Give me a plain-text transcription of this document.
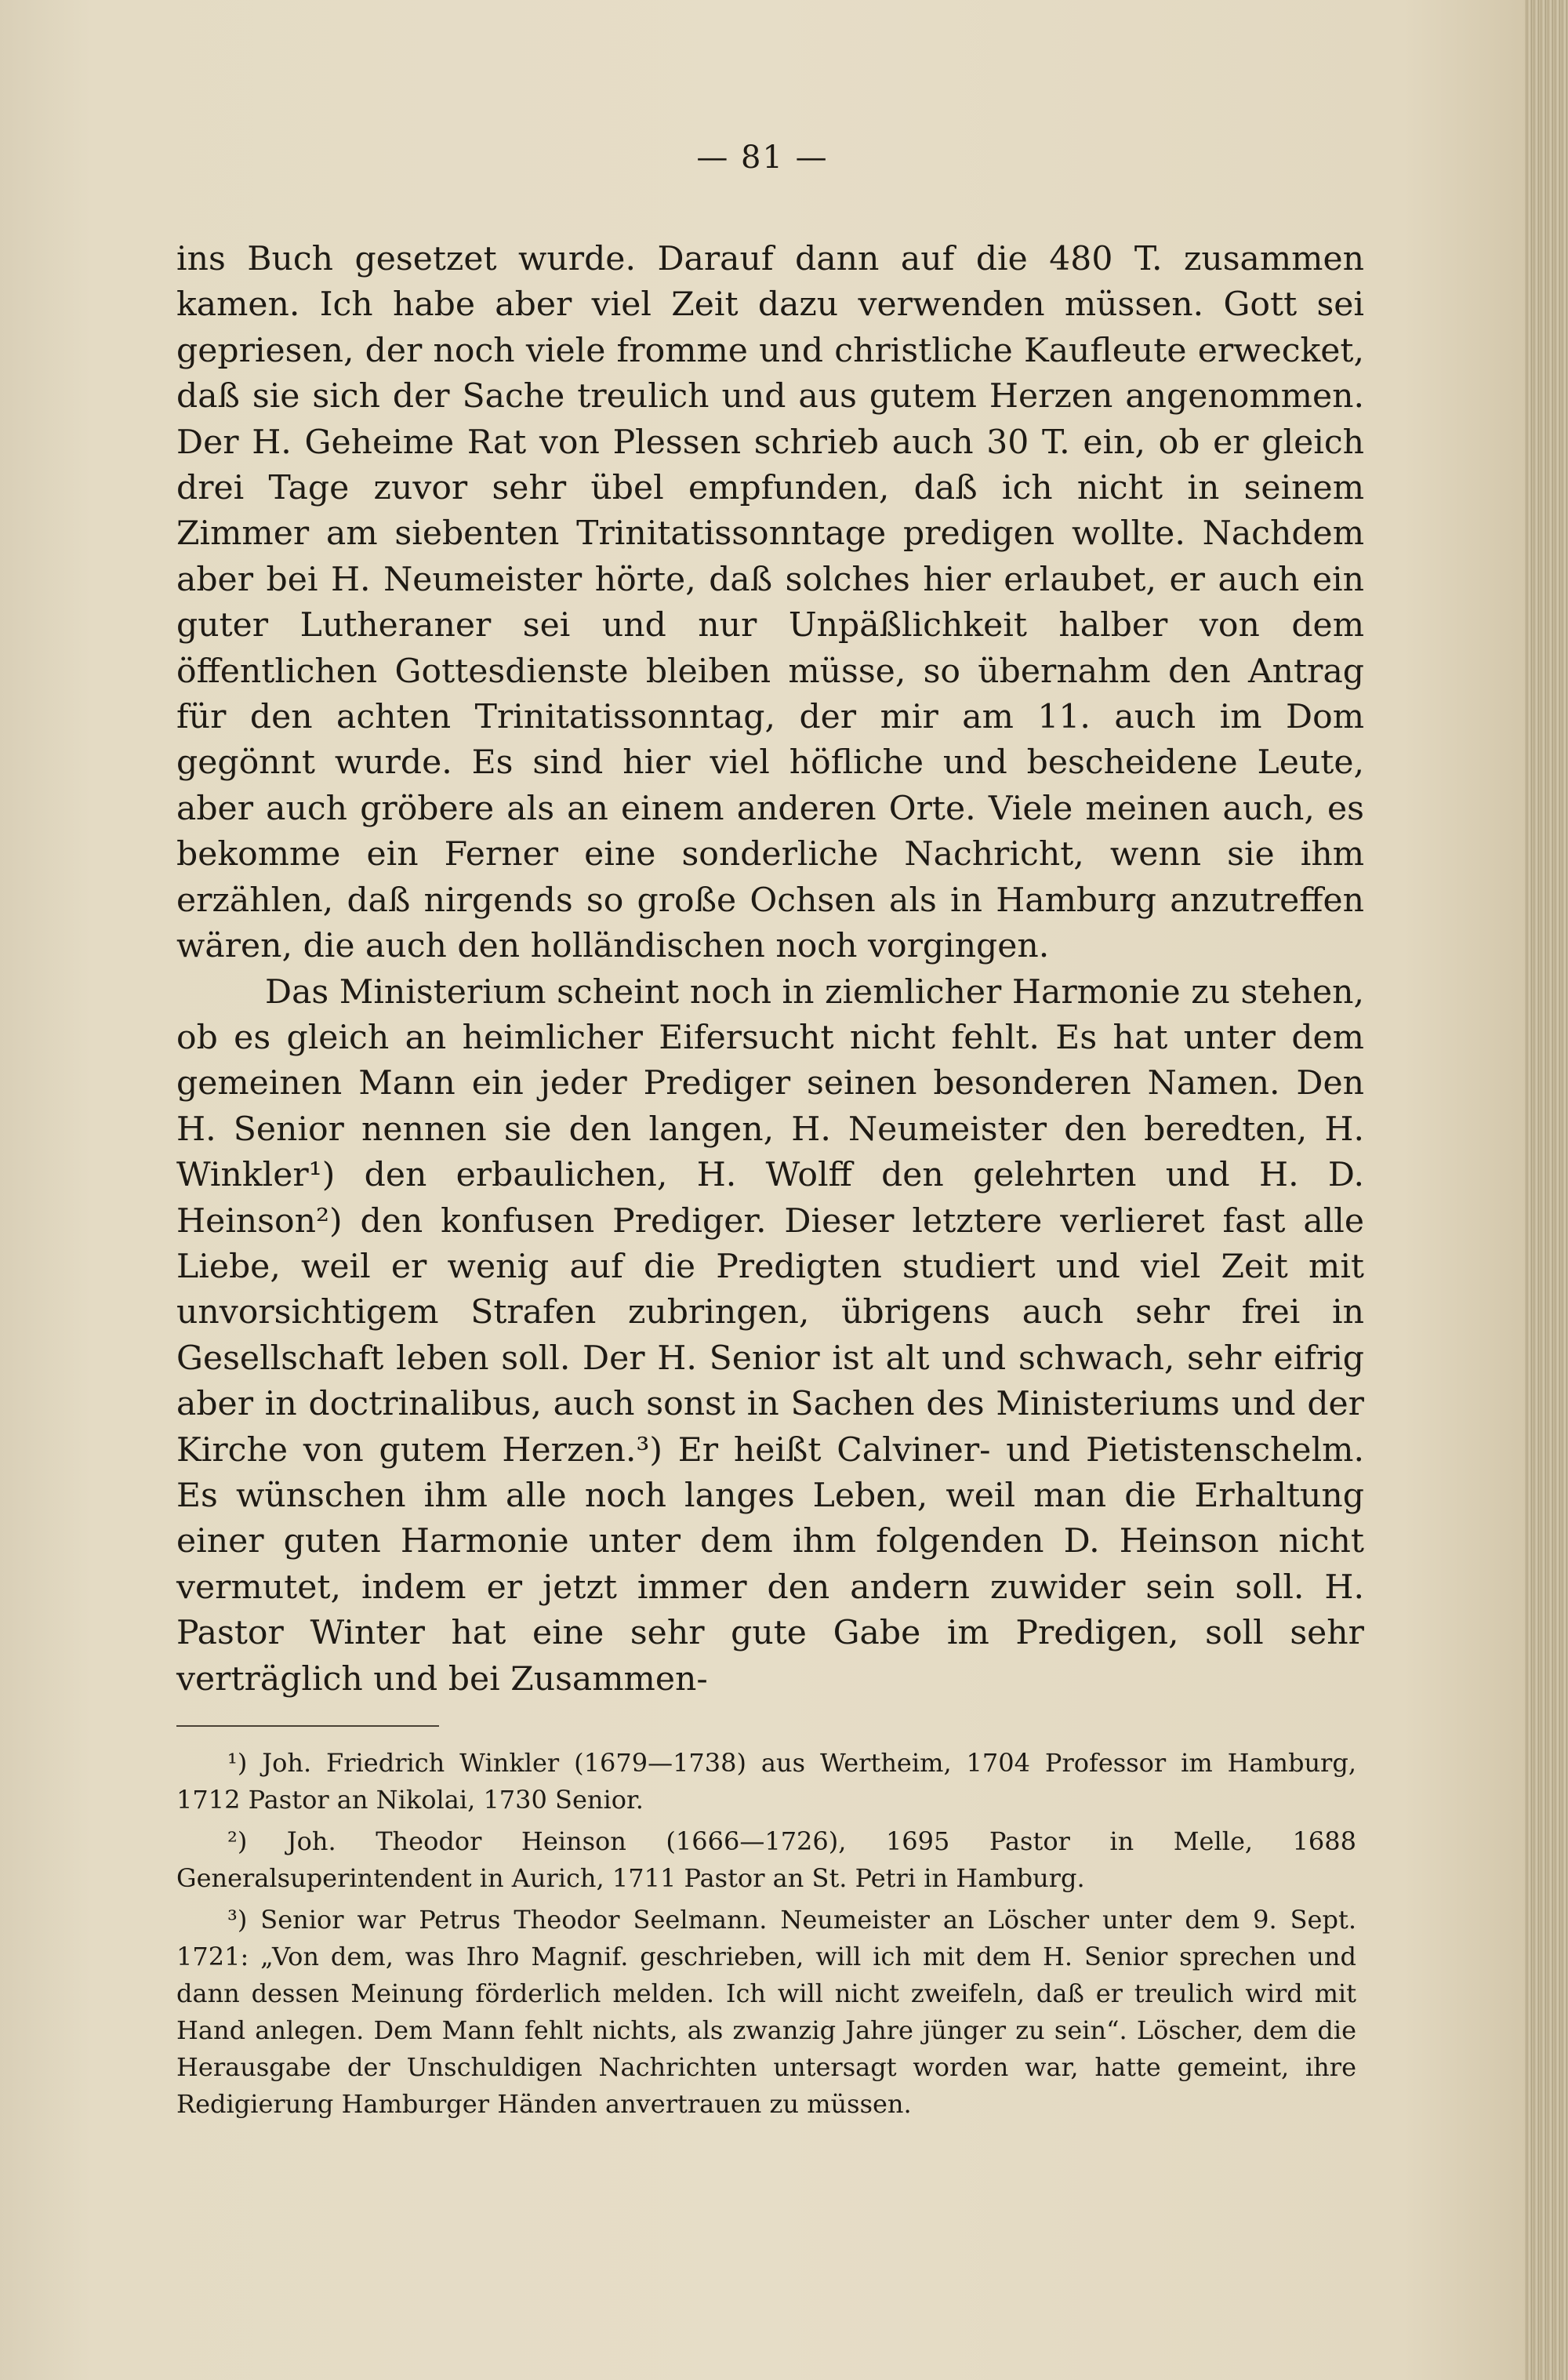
— 81 —

ins Buch gesetzet wurde. Darauf dann auf die 480 T. zusammen kamen. Ich habe aber viel Zeit dazu verwenden müssen. Gott sei gepriesen, der noch viele fromme und christliche Kaufleute erwecket, daß sie sich der Sache treulich und aus gutem Herzen angenommen. Der H. Geheime Rat von Plessen schrieb auch 30 T. ein, ob er gleich drei Tage zuvor sehr übel empfunden, daß ich nicht in seinem Zimmer am siebenten Trinitatissonntage predigen wollte. Nachdem aber bei H. Neumeister hörte, daß solches hier erlaubet, er auch ein guter Lutheraner sei und nur Unpäßlichkeit halber von dem öffentlichen Gottesdienste bleiben müsse, so übernahm den Antrag für den achten Trinitatissonntag, der mir am 11. auch im Dom gegönnt wurde. Es sind hier viel höfliche und bescheidene Leute, aber auch gröbere als an einem anderen Orte. Viele meinen auch, es bekomme ein Ferner eine sonderliche Nachricht, wenn sie ihm erzählen, daß nirgends so große Ochsen als in Hamburg anzutreffen wären, die auch den holländischen noch vorgingen.

Das Ministerium scheint noch in ziemlicher Harmonie zu stehen, ob es gleich an heimlicher Eifersucht nicht fehlt. Es hat unter dem gemeinen Mann ein jeder Prediger seinen besonderen Namen. Den H. Senior nennen sie den langen, H. Neumeister den beredten, H. Winkler¹) den erbaulichen, H. Wolff den gelehrten und H. D. Heinson²) den konfusen Prediger. Dieser letztere verlieret fast alle Liebe, weil er wenig auf die Predigten studiert und viel Zeit mit unvorsichtigem Strafen zubringen, übrigens auch sehr frei in Gesellschaft leben soll. Der H. Senior ist alt und schwach, sehr eifrig aber in doctrinalibus, auch sonst in Sachen des Ministeriums und der Kirche von gutem Herzen.³) Er heißt Calviner- und Pietistenschelm. Es wünschen ihm alle noch langes Leben, weil man die Erhaltung einer guten Harmonie unter dem ihm folgenden D. Heinson nicht vermutet, indem er jetzt immer den andern zuwider sein soll. H. Pastor Winter hat eine sehr gute Gabe im Predigen, soll sehr verträglich und bei Zusammen-

¹) Joh. Friedrich Winkler (1679—1738) aus Wertheim, 1704 Professor im Hamburg, 1712 Pastor an Nikolai, 1730 Senior.

²) Joh. Theodor Heinson (1666—1726), 1695 Pastor in Melle, 1688 Generalsuperintendent in Aurich, 1711 Pastor an St. Petri in Hamburg.

³) Senior war Petrus Theodor Seelmann. Neumeister an Löscher unter dem 9. Sept. 1721: „Von dem, was Ihro Magnif. geschrieben, will ich mit dem H. Senior sprechen und dann dessen Meinung förderlich melden. Ich will nicht zweifeln, daß er treulich wird mit Hand anlegen. Dem Mann fehlt nichts, als zwanzig Jahre jünger zu sein“. Löscher, dem die Herausgabe der Unschuldigen Nachrichten untersagt worden war, hatte gemeint, ihre Redigierung Hamburger Händen anvertrauen zu müssen.
